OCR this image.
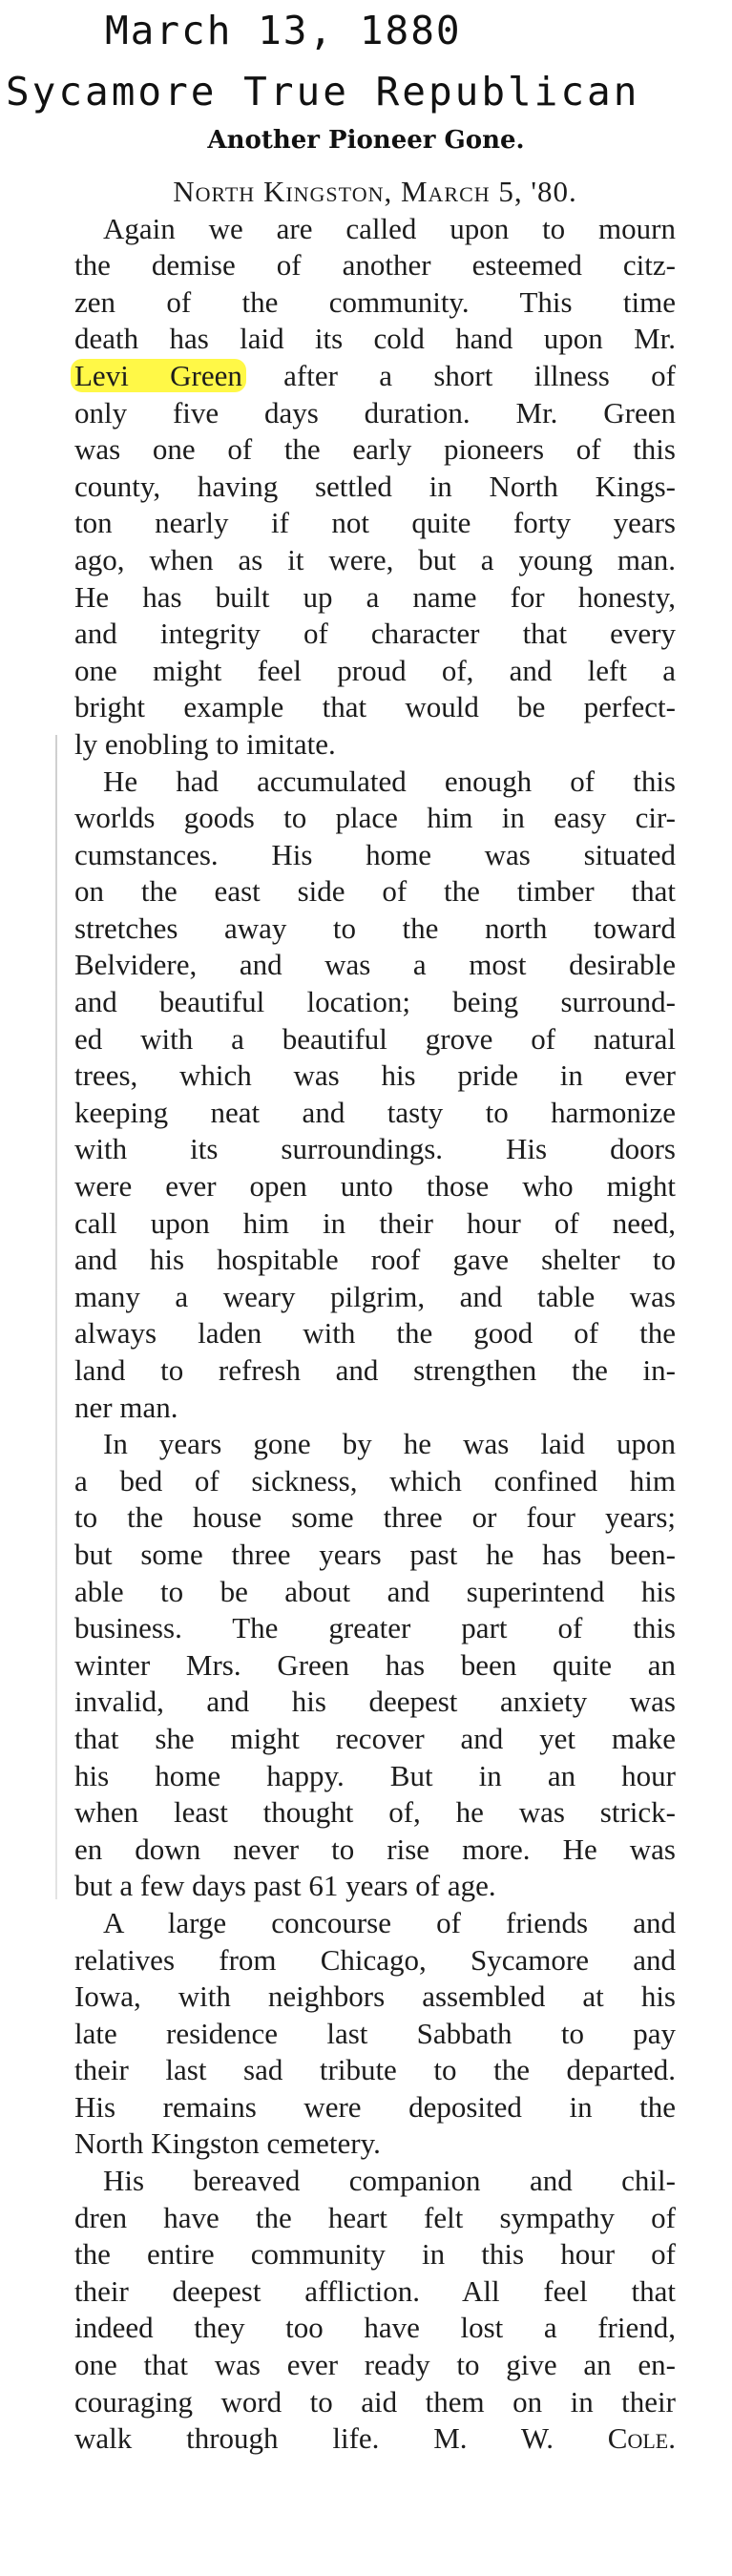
March 13, 1880
Sycamore True Republican
Another Pioneer Gone.
North Kingston, March 5, '80.
Again we are called upon to mourn
the demise of another esteemed citz-
zen of the community. This time
death has laid its cold hand upon Mr.
Levi Green after a short illness of
only five days duration. Mr. Green
was one of the early pioneers of this
county, having settled in North Kings-
ton nearly if not quite forty years
ago, when as it were, but a young man.
He has built up a name for honesty,
and integrity of character that every
one might feel proud of, and left a
bright example that would be perfect-
ly enobling to imitate.
He had accumulated enough of this
worlds goods to place him in easy cir-
cumstances. His home was situated
on the east side of the timber that
stretches away to the north toward
Belvidere, and was a most desirable
and beautiful location; being surround-
ed with a beautiful grove of natural
trees, which was his pride in ever
keeping neat and tasty to harmonize
with its surroundings. His doors
were ever open unto those who might
call upon him in their hour of need,
and his hospitable roof gave shelter to
many a weary pilgrim, and table was
always laden with the good of the
land to refresh and strengthen the in-
ner man.
In years gone by he was laid upon
a bed of sickness, which confined him
to the house some three or four years;
but some three years past he has been-
able to be about and superintend his
business. The greater part of this
winter Mrs. Green has been quite an
invalid, and his deepest anxiety was
that she might recover and yet make
his home happy. But in an hour
when least thought of, he was strick-
en down never to rise more. He was
but a few days past 61 years of age.
A large concourse of friends and
relatives from Chicago, Sycamore and
Iowa, with neighbors assembled at his
late residence last Sabbath to pay
their last sad tribute to the departed.
His remains were deposited in the
North Kingston cemetery.
His bereaved companion and chil-
dren have the heart felt sympathy of
the entire community in this hour of
their deepest affliction. All feel that
indeed they too have lost a friend,
one that was ever ready to give an en-
couraging word to aid them on in their
walk through life. M. W. Cole.
